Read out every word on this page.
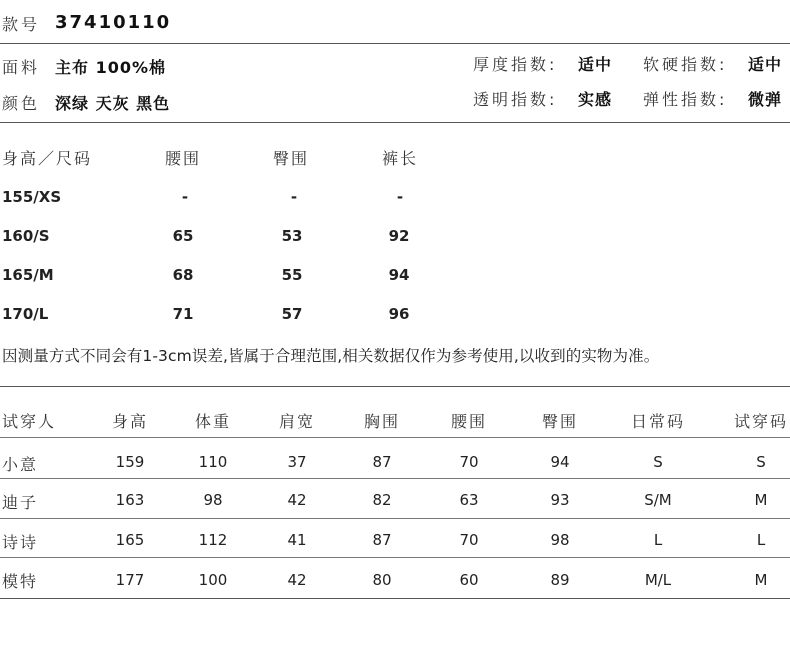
款号 37410110
面料 主布 100%棉
颜色 深绿 天灰 黑色
厚度指数: 适中 软硬指数: 适中
透明指数: 实感 弹性指数: 微弹
身高／尺码	腰围	臀围	裤长
155/XS	-	-	-
160/S	65	53	92
165/M	68	55	94
170/L	71	57	96
因测量方式不同会有1-3cm误差,皆属于合理范围,相关数据仅作为参考使用,以收到的实物为准。
试穿人	身高	体重	肩宽	胸围	腰围	臀围	日常码	试穿码
小意	159	110	37	87	70	94	S	S
迪子	163	98	42	82	63	93	S/M	M
诗诗	165	112	41	87	70	98	L	L
模特	177	100	42	80	60	89	M/L	M
